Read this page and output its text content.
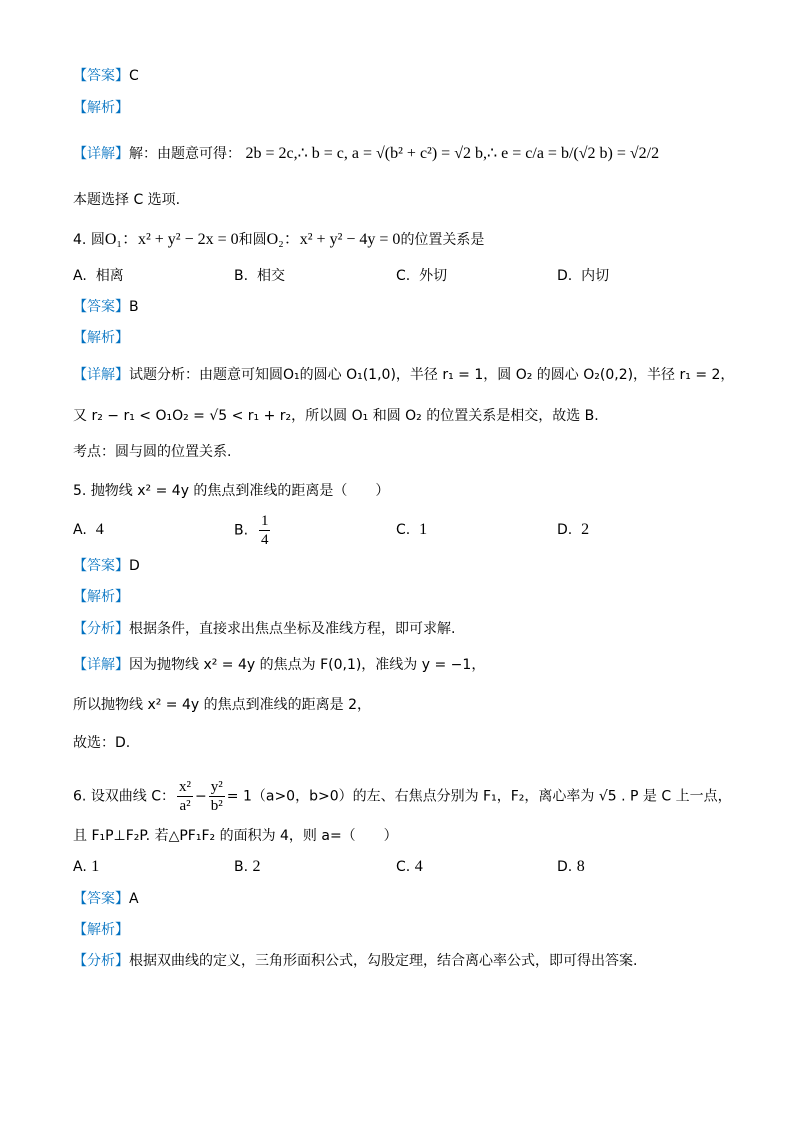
【答案】C
【解析】
【详解】解：由题意可得： 2b = 2c,∴ b = c, a = √(b² + c²) = √2 b,∴ e = c/a = b/(√2 b) = √2/2
本题选择 C 选项.
4. 圆O₁：x² + y² − 2x = 0和圆O₂：x² + y² − 4y = 0的位置关系是
A. 相离	B. 相交	C. 外切	D. 内切
【答案】B
【解析】
【详解】试题分析：由题意可知圆O₁的圆心 O₁(1,0)，半径 r₁ = 1，圆 O₂ 的圆心 O₂(0,2)，半径 r₁ = 2，
又 r₂ − r₁ < O₁O₂ = √5 < r₁ + r₂，所以圆 O₁ 和圆 O₂ 的位置关系是相交，故选 B.
考点：圆与圆的位置关系.
5. 抛物线 x² = 4y 的焦点到准线的距离是（　　）
A. 4	B. $\frac{1}{4}$	C. 1	D. 2
【答案】D
【解析】
【分析】根据条件，直接求出焦点坐标及准线方程，即可求解.
【详解】因为抛物线 x² = 4y 的焦点为 F(0,1)，准线为 y = −1，
所以抛物线 x² = 4y 的焦点到准线的距离是 2，
故选：D.
6. 设双曲线 C： $\frac{\text{x²}}{\text{a²}} - \frac{\text{y²}}{\text{b²}} = 1(a>0$，b>0）的左、右焦点分别为 F₁，F₂，离心率为 √5 . P 是 C 上一点，
且 F₁P⊥F₂P. 若△PF₁F₂ 的面积为 4，则 a=（　　）
A. 1	B. 2	C. 4	D. 8
【答案】A
【解析】
【分析】根据双曲线的定义，三角形面积公式，勾股定理，结合离心率公式，即可得出答案.
